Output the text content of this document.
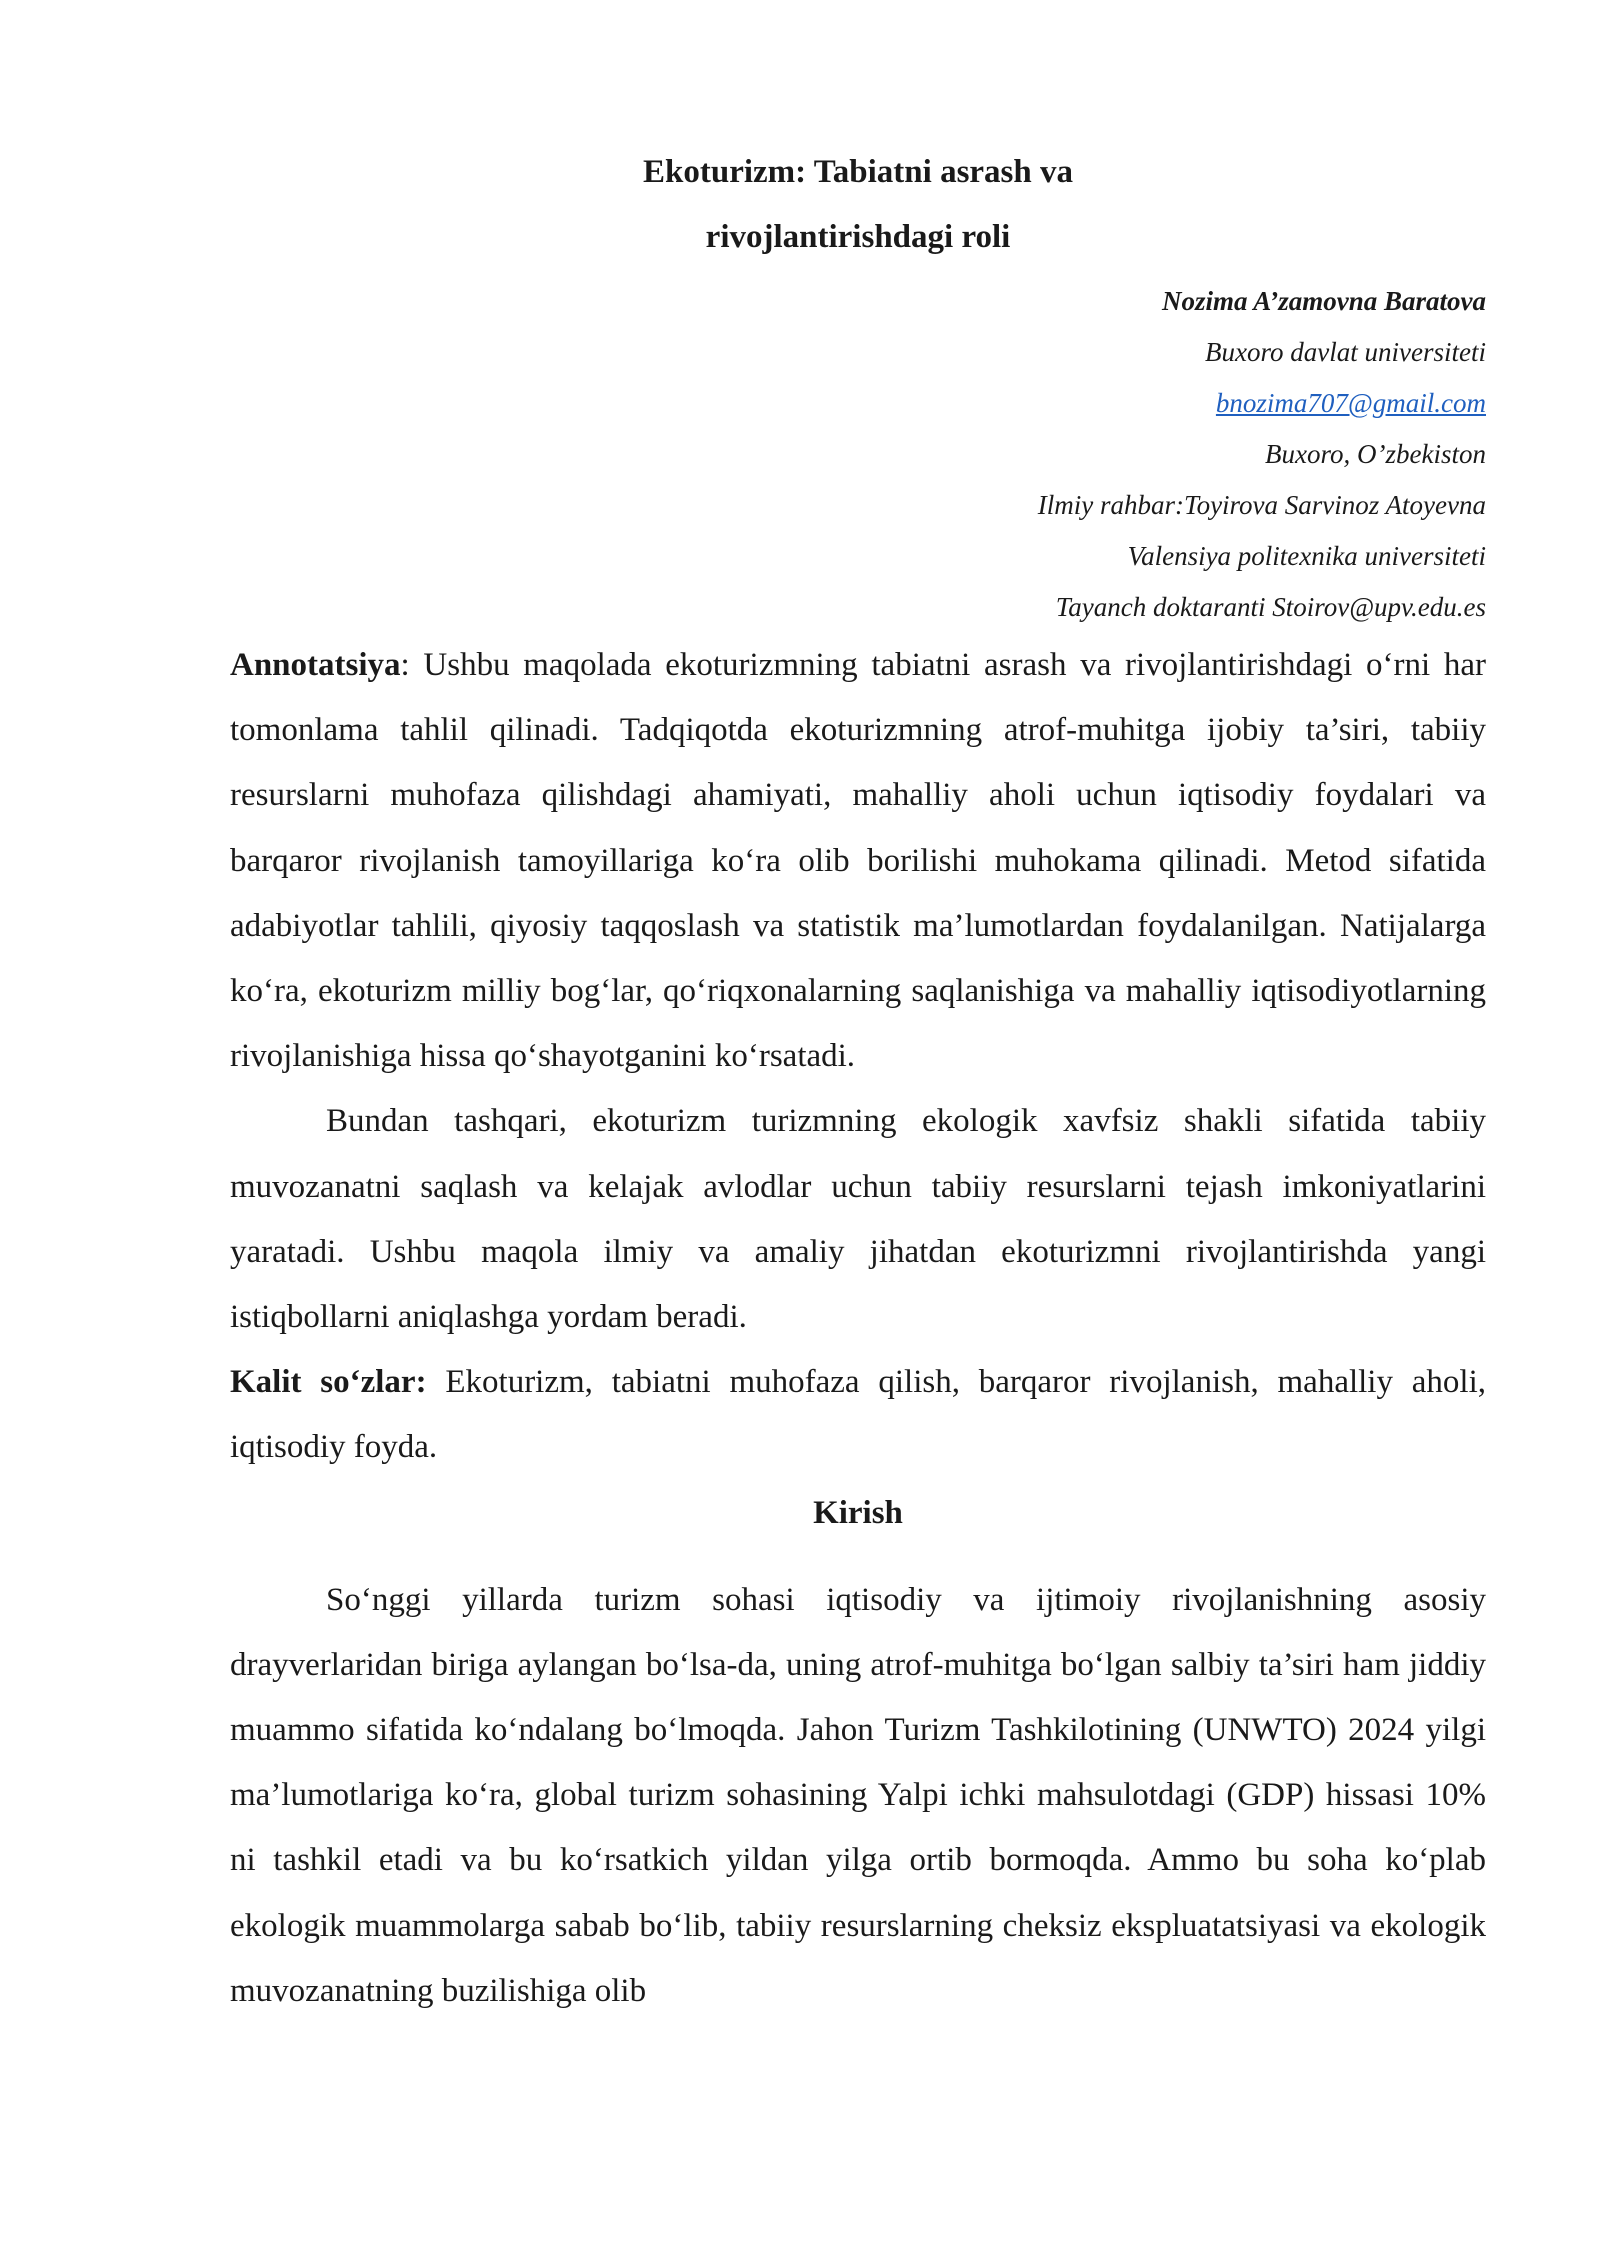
Ekoturizm: Tabiatni asrash va
rivojlantirishdagi roli
Nozima A’zamovna Baratova
Buxoro davlat universiteti
bnozima707@gmail.com
Buxoro, O’zbekiston
Ilmiy rahbar:Toyirova Sarvinoz Atoyevna
Valensiya politexnika universiteti
Tayanch doktaranti Stoirov@upv.edu.es

Annotatsiya: Ushbu maqolada ekoturizmning tabiatni asrash va rivojlantirishdagi o‘rni har tomonlama tahlil qilinadi. Tadqiqotda ekoturizmning atrof-muhitga ijobiy ta’siri, tabiiy resurslarni muhofaza qilishdagi ahamiyati, mahalliy aholi uchun iqtisodiy foydalari va barqaror rivojlanish tamoyillariga ko‘ra olib borilishi muhokama qilinadi. Metod sifatida adabiyotlar tahlili, qiyosiy taqqoslash va statistik ma’lumotlardan foydalanilgan. Natijalarga ko‘ra, ekoturizm milliy bog‘lar, qo‘riqxonalarning saqlanishiga va mahalliy iqtisodiyotlarning rivojlanishiga hissa qo‘shayotganini ko‘rsatadi.

Bundan tashqari, ekoturizm turizmning ekologik xavfsiz shakli sifatida tabiiy muvozanatni saqlash va kelajak avlodlar uchun tabiiy resurslarni tejash imkoniyatlarini yaratadi. Ushbu maqola ilmiy va amaliy jihatdan ekoturizmni rivojlantirishda yangi istiqbollarni aniqlashga yordam beradi.

Kalit so‘zlar: Ekoturizm, tabiatni muhofaza qilish, barqaror rivojlanish, mahalliy aholi, iqtisodiy foyda.

Kirish

So‘nggi yillarda turizm sohasi iqtisodiy va ijtimoiy rivojlanishning asosiy drayverlaridan biriga aylangan bo‘lsa-da, uning atrof-muhitga bo‘lgan salbiy ta’siri ham jiddiy muammo sifatida ko‘ndalang bo‘lmoqda. Jahon Turizm Tashkilotining (UNWTO) 2024 yilgi ma’lumotlariga ko‘ra, global turizm sohasining Yalpi ichki mahsulotdagi (GDP) hissasi 10% ni tashkil etadi va bu ko‘rsatkich yildan yilga ortib bormoqda. Ammo bu soha ko‘plab ekologik muammolarga sabab bo‘lib, tabiiy resurslarning cheksiz ekspluatatsiyasi va ekologik muvozanatning buzilishiga olib
